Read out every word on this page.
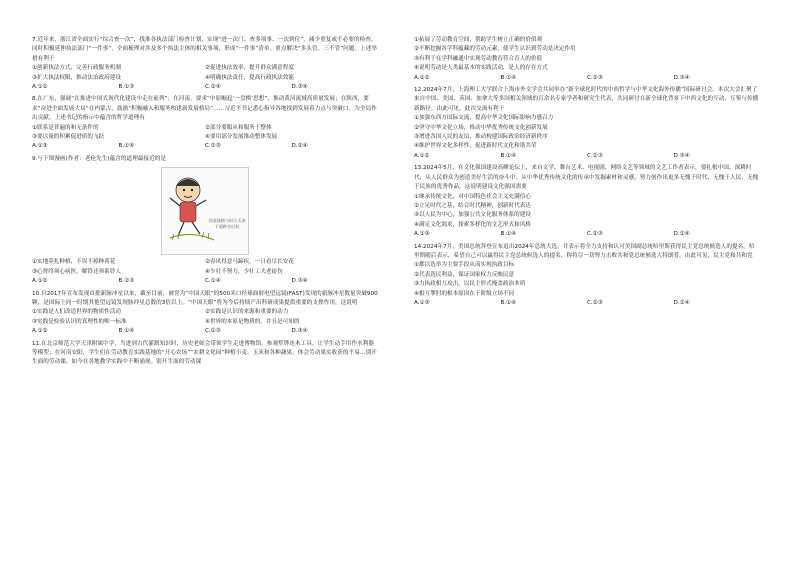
7.近年来，浙江省全面实行“综合查一次”，找准各执法部门检查计划，实现“进一次门、查多项事、一次到位”，减少重复或不必要的检查。同时积极延伸执法部门“一件事”，全面梳理对涉及多个执法主体的相关事项，形成“一件事”清单，重点解决“多头管、三不管”问题。上述举措有利于
①创新执法方式，完善行政服务机制	②促进执法效率，提升群众满意程度
③扩大执法权限，推动法治政府建设	④明确执法责任，提高行政执法效能
A.①②	B.①③	C.②④	D.③④
8.在广东，强调“在推进中国式现代化建设中走在前列”；在河南，要求“中原崛起‘一盘棋’思想”，推动黄河流域高质量发展；在陕西，要求“奋进全面发展大局”在内蒙古，鼓励“积极融入和服务构建新发展格局”……习近平书记悉心指导各地找到发展着力点与突破口，为全局作出贡献。上述书记的指示中蕴含的哲学道理有
①联系是普遍的和无条件的	②部分要服从和服务于整体
③要以量的积累促进质的飞跃	④要用部分发展推动整体发展
A.①③	B.①④	C.②③	D.②④
9.与下图漫画(作者：老伦先生)蕴含的道理最接近的是
谷雨插秧与时几天来下面种谷后粒
①实地莫扎种植，不误不掉种荷花	②春风得意马蹄疾，一日看尽长安花
③心肾终须心病医，解铃还须系铃人	④少壮不努力，少壮工夫老徒伤
A.①②	B.②③	C.①④	D.③④
10.自2017年宣布发现首批新脉冲星以来，截至目前，被誉为“中国天眼”的500米口径球面射电望远镜(FAST)发现的新脉冲星数量突破900颗，是国际上同一时期其他望远镜发现脉冲星总数的3倍以上。“中国天眼”将为今后持续产出科研成果提供重要的支撑作用，这说明
①实践是人们改造世界的物质性活动	②实践是认识的来源和重要的动力
③实践是检验认识的真理性的唯一标准	④世界的本原是物质的，并且是可知的
A.①②	B.①④	C.②③	D.③④
11.在北京师范大学天津附属中学，当进到古代灌溉知识时，历史老师会带领学生走进博物馆，参观犁铧连木工具，让学生动手用作水利器等模型；在河南安阳，学生们在劳动教育实践基地的“开心农场”“农耕文化园”种植小麦、玉米和各种蔬果，体会劳动果实收获的不易…别开生面的劳动课，如今在各地教学实践中不断涌现。别开生面的劳动课
①拓展了劳动教育空间，帮助学生树立正确的价值观
②不断挖掘各学科蕴藏的劳动元素，使学生认识到劳动是决定作用
③有利于在学科融通中实现劳动教育符合育人的价值
④说明劳动是人类最基本的实践活动，是人的存在方式
A.①②	B.①④	C.②③	D.③④
12.2024年7月，上海理工大学联合上海市外文学会共同举办“新全球化时代的中西哲学与中华文化海外传播”国际研讨会。本次大会汇聚了来自中国、美国、英国、加拿大等多国相关领域的百余名专家学者和研究生代表，共同研讨在新全球化背景下中西文化的互动、互鉴与传播新路径。由此可见，此次交流有利于
①加强东西方国际交流，提高中华文化国际影响力感召力
②坚守中华文化立场，推动中华优秀传统文化创新发展
③增进各国人民的友谊，推动构建国际政治经济新秩序
④维护世界文化多样性，促进新时代文化和谐共荣
A.①②	B.①④	C.②③	D.③④
13.2024年5月，在文化强国建设高峰论坛上，来自文学、舞台艺术、电视剧、网络文艺等领域的文艺工作者表示，要扎根中国、深耕时代，从人民群众为创造美好生活的奋斗中、从中华优秀传统文化的传承中发掘素材和灵感，努力创作出更多无愧于时代、无愧于人民、无愧于民族的优秀作品。这说明建设文化强国需要
①继承传统文化，对中国特色社会主义充满信心
②立足时代之基，结合时代精神，创新时代表达
③以人民为中心，加强公共文化服务体系的建设
④满足文化渴求，探索多样化的文艺形式和风格
A.①③	B.①④	C.②③	D.②④
14.2024年7月，美国总统拜登宣布退出2024年总统大选，并表示将全力支持和认可美国副总统哈里斯获得民主党总统候选人的提名。哈里斯随后表示，希望自己可以赢得民主党总统候选人的提名，称将尽一切努力击败共和党总统候选人特朗普。由此可见，民主党和共和党
①都以选举为主要手段从而实现执政目标
②代表选民利益，保证国家权力反映民意
③力执政相互攻击，以民主形式掩盖政治本质
④相互掣肘的根本原因在于阶级立场不同
A.①③	B.①④	C.②③	D.②④
